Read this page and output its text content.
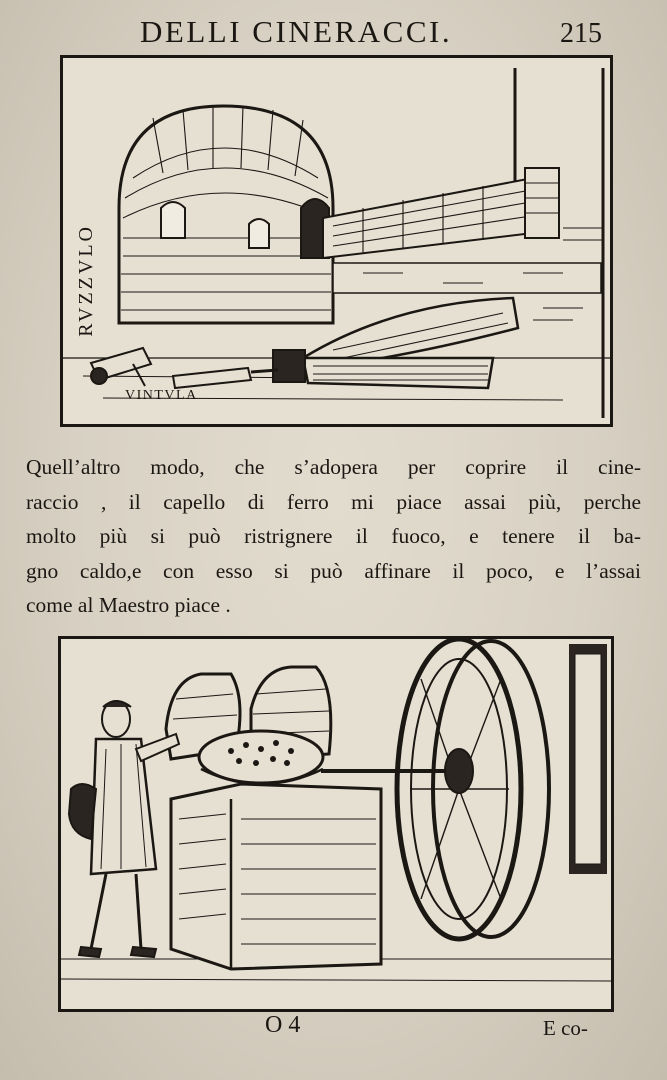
DELLI CINERACCI.	215
RVZZVLO
VINTVLA
Quell’altro modo, che s’adopera per coprire il cine-
raccio , il capello di ferro mi piace assai più, perche
molto più si può ristrignere il fuoco, e tenere il ba-
gno caldo,e con esso si può affinare il poco, e l’assai
come al Maestro piace .
O 4	E co-
